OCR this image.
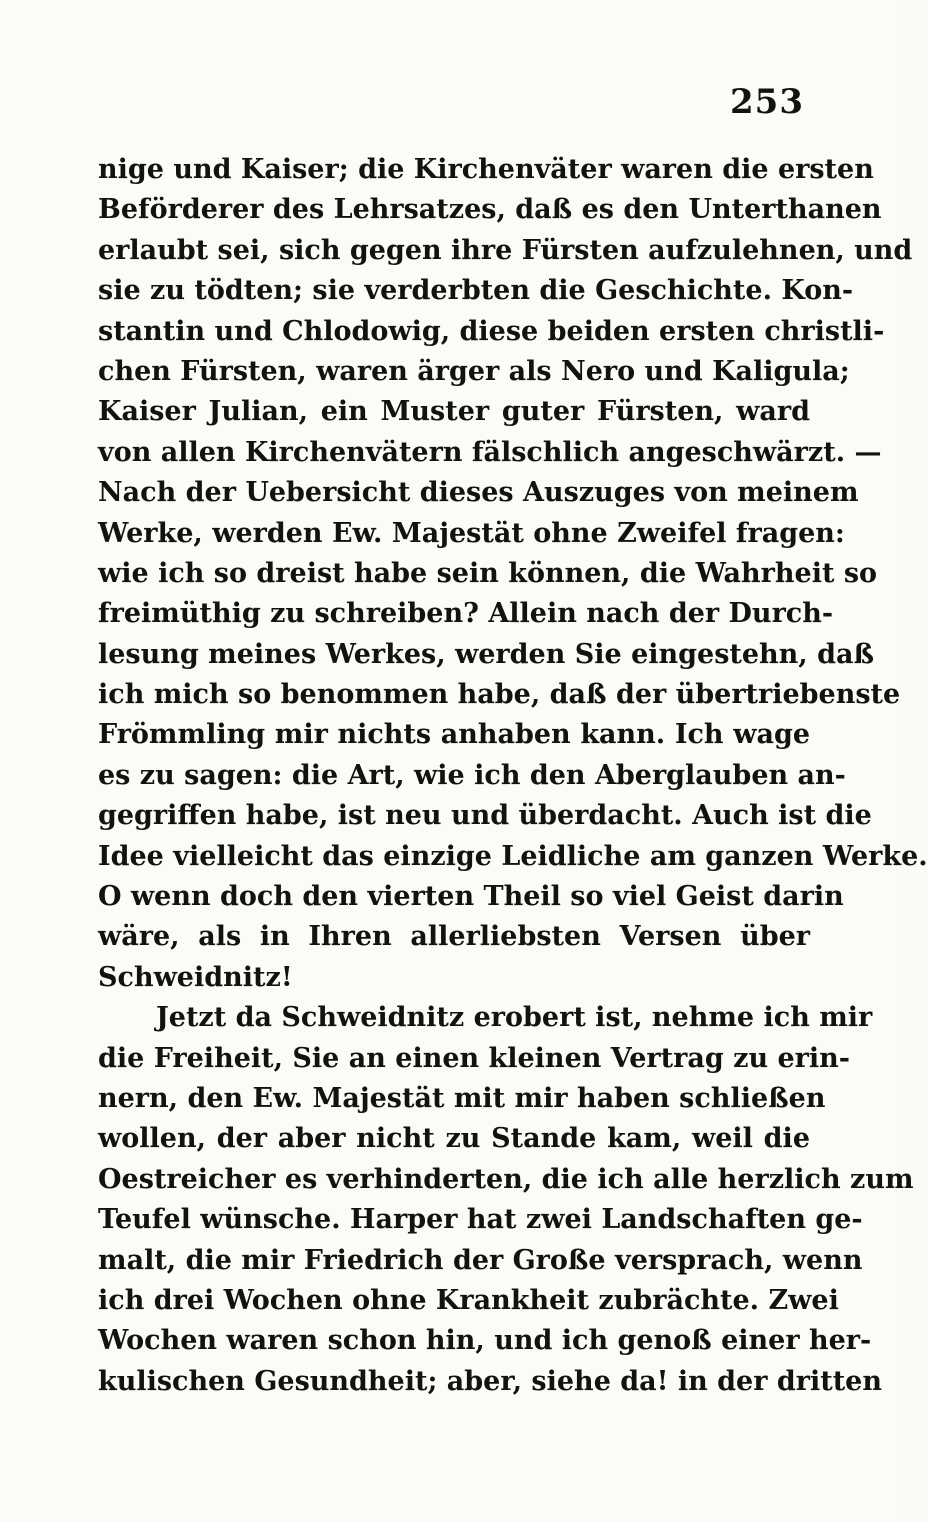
253
nige und Kaiser; die Kirchenväter waren die ersten
Beförderer des Lehrsatzes, daß es den Unterthanen
erlaubt sei, sich gegen ihre Fürsten aufzulehnen, und
sie zu tödten; sie verderbten die Geschichte. Kon-
stantin und Chlodowig, diese beiden ersten christli-
chen Fürsten, waren ärger als Nero und Kaligula;
Kaiser Julian, ein Muster guter Fürsten, ward
von allen Kirchenvätern fälschlich angeschwärzt. —
Nach der Uebersicht dieses Auszuges von meinem
Werke, werden Ew. Majestät ohne Zweifel fragen:
wie ich so dreist habe sein können, die Wahrheit so
freimüthig zu schreiben? Allein nach der Durch-
lesung meines Werkes, werden Sie eingestehn, daß
ich mich so benommen habe, daß der übertriebenste
Frömmling mir nichts anhaben kann. Ich wage
es zu sagen: die Art, wie ich den Aberglauben an-
gegriffen habe, ist neu und überdacht. Auch ist die
Idee vielleicht das einzige Leidliche am ganzen Werke.
O wenn doch den vierten Theil so viel Geist darin
wäre, als in Ihren allerliebsten Versen über
Schweidnitz!
Jetzt da Schweidnitz erobert ist, nehme ich mir
die Freiheit, Sie an einen kleinen Vertrag zu erin-
nern, den Ew. Majestät mit mir haben schließen
wollen, der aber nicht zu Stande kam, weil die
Oestreicher es verhinderten, die ich alle herzlich zum
Teufel wünsche. Harper hat zwei Landschaften ge-
malt, die mir Friedrich der Große versprach, wenn
ich drei Wochen ohne Krankheit zubrächte. Zwei
Wochen waren schon hin, und ich genoß einer her-
kulischen Gesundheit; aber, siehe da! in der dritten
